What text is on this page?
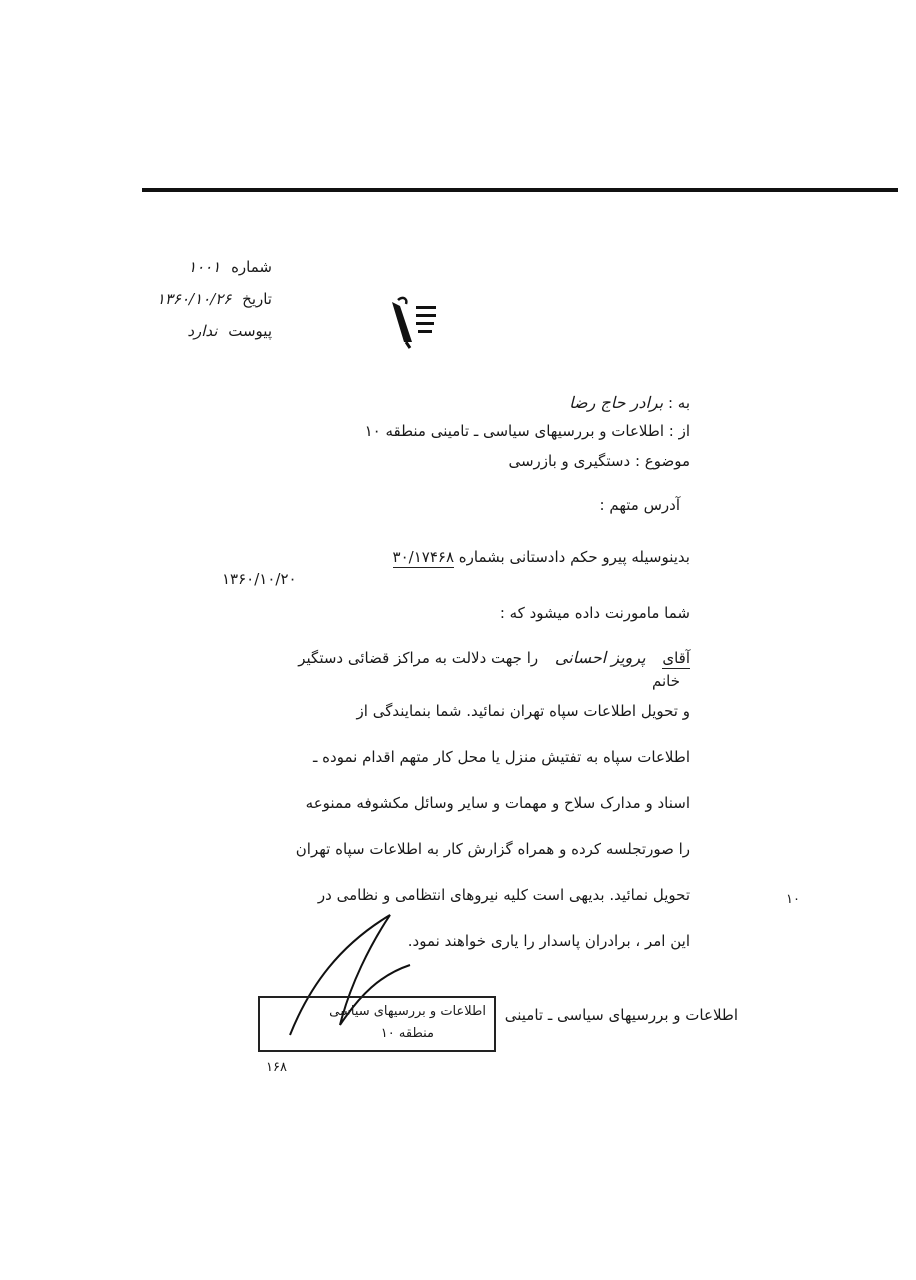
شماره ۱۰۰۱
تاریخ ۱۳۶۰/۱۰/۲۶
پیوست ندارد
به : برادر حاج رضا
از : اطلاعات و بررسیهای سیاسی ـ تامینی منطقه ۱۰
موضوع : دستگیری و بازرسی
آدرس متهم :
بدینوسیله پیرو حکم دادستانی بشماره ۳۰/۱۷۴۶۸
۱۳۶۰/۱۰/۲۰
شما مامورنت داده میشود که :
آقای پرویز احسانی را جهت دلالت به مراکز قضائی دستگیر
خانم
و تحویل اطلاعات سپاه تهران نمائید. شما بنمایندگی از
اطلاعات سپاه به تفتیش منزل یا محل کار متهم اقدام نموده ـ
اسناد و مدارک سلاح و مهمات و سایر وسائل مکشوفه ممنوعه
را صورتجلسه کرده و همراه گزارش کار به اطلاعات سپاه تهران
تحویل نمائید. بدیهی است کلیه نیروهای انتظامی و نظامی در
این امر ، برادران پاسدار را یاری خواهند نمود.
اطلاعات و بررسیهای سیاسی ـ تامینی
اطلاعات و بررسیهای سیاسی
منطقه ۱۰
۱۶۸
۱۰
